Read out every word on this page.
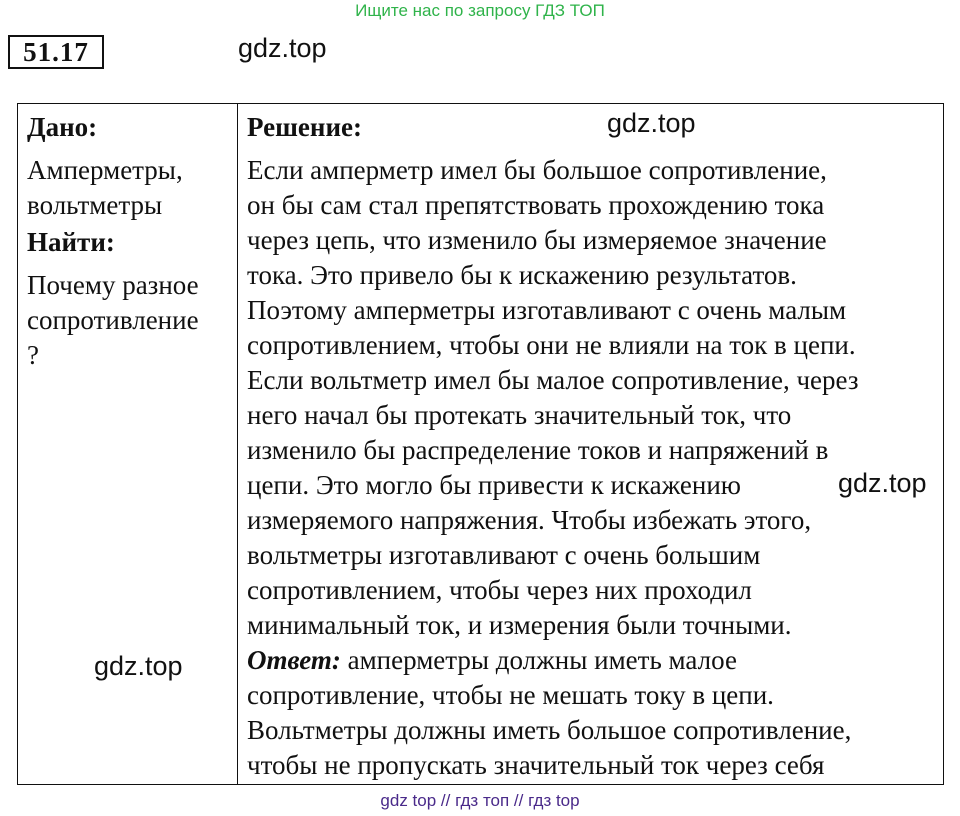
Ищите нас по запросу ГДЗ ТОП
51.17	gdz.top
Дано:
Амперметры,
вольтметры
Найти:
Почему разное
сопротивление
?
Решение:
Если амперметр имел бы большое сопротивление,
он бы сам стал препятствовать прохождению тока
через цепь, что изменило бы измеряемое значение
тока. Это привело бы к искажению результатов.
Поэтому амперметры изготавливают с очень малым
сопротивлением, чтобы они не влияли на ток в цепи.
Если вольтметр имел бы малое сопротивление, через
него начал бы протекать значительный ток, что
изменило бы распределение токов и напряжений в
цепи. Это могло бы привести к искажению
измеряемого напряжения. Чтобы избежать этого,
вольтметры изготавливают с очень большим
сопротивлением, чтобы через них проходил
минимальный ток, и измерения были точными.
Ответ: амперметры должны иметь малое
сопротивление, чтобы не мешать току в цепи.
Вольтметры должны иметь большое сопротивление,
чтобы не пропускать значительный ток через себя
gdz.top
gdz.top
gdz.top
gdz top // гдз топ // гдз top
